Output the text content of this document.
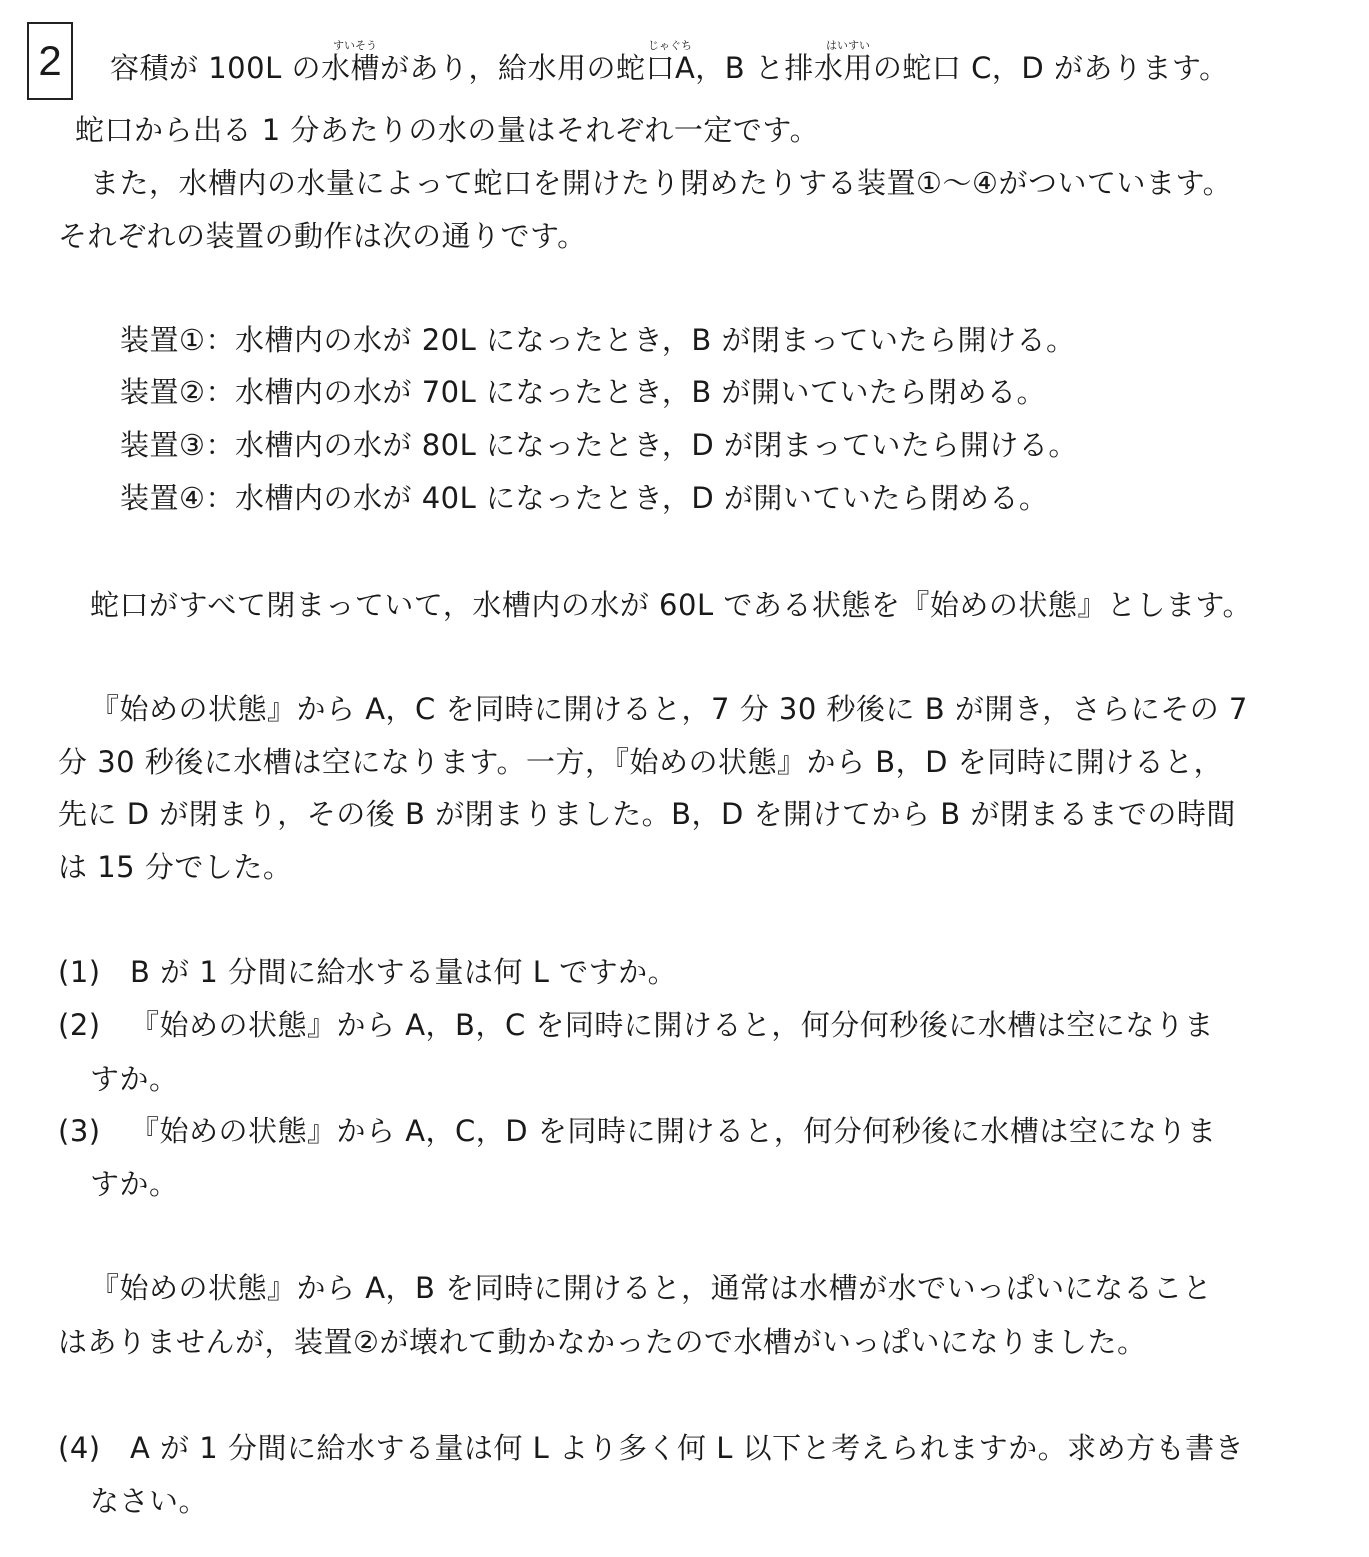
2	すいそう	じゃぐち	はいすい
容積が 100L の水槽があり，給水用の蛇口A，B と排水用の蛇口 C，D があります。
蛇口から出る 1 分あたりの水の量はそれぞれ一定です。
また，水槽内の水量によって蛇口を開けたり閉めたりする装置①〜④がついています。
それぞれの装置の動作は次の通りです。
装置①：水槽内の水が 20L になったとき，B が閉まっていたら開ける。
装置②：水槽内の水が 70L になったとき，B が開いていたら閉める。
装置③：水槽内の水が 80L になったとき，D が閉まっていたら開ける。
装置④：水槽内の水が 40L になったとき，D が開いていたら閉める。
蛇口がすべて閉まっていて，水槽内の水が 60L である状態を『始めの状態』とします。
『始めの状態』から A，C を同時に開けると，7 分 30 秒後に B が開き，さらにその 7
分 30 秒後に水槽は空になります。一方，『始めの状態』から B，D を同時に開けると，
先に D が閉まり，その後 B が閉まりました。B，D を開けてから B が閉まるまでの時間
は 15 分でした。
(1) B が 1 分間に給水する量は何 L ですか。
(2) 『始めの状態』から A，B，C を同時に開けると，何分何秒後に水槽は空になりま
すか。
(3) 『始めの状態』から A，C，D を同時に開けると，何分何秒後に水槽は空になりま
すか。
『始めの状態』から A，B を同時に開けると，通常は水槽が水でいっぱいになること
はありませんが，装置②が壊れて動かなかったので水槽がいっぱいになりました。
(4) A が 1 分間に給水する量は何 L より多く何 L 以下と考えられますか。求め方も書き
なさい。
